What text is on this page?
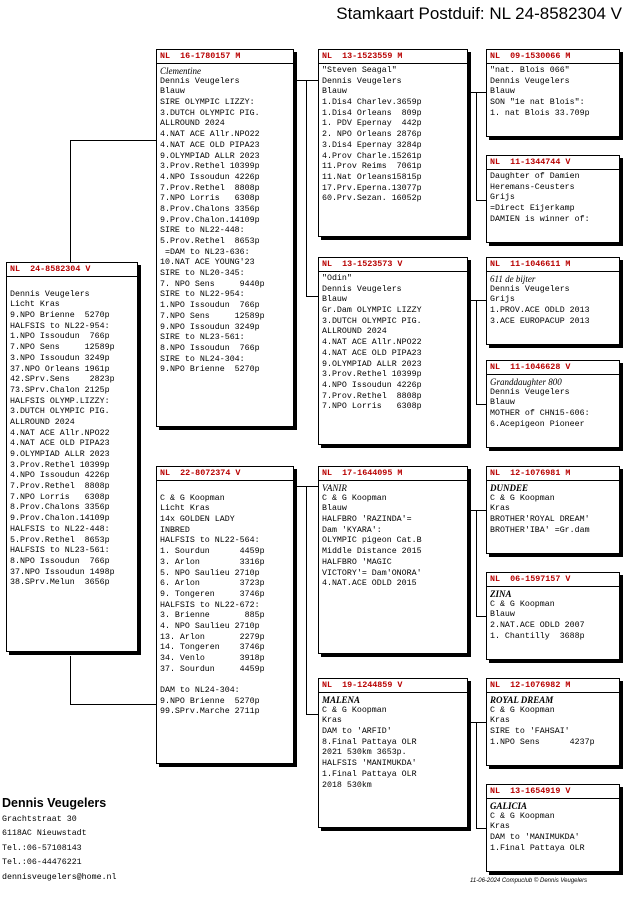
Stamkaart Postduif: NL 24-8582304 V
NL  24-8582304 V
Dennis Veugelers
Licht Kras
9.NPO Brienne  5270p
HALFSIS to NL22-954:
1.NPO Issoudun  766p
7.NPO Sens     12589p
3.NPO Issoudun 3249p
37.NPO Orleans 1961p
42.SPrv.Sens    2823p
73.SPrv.Chalon 2125p
HALFSIS OLYMP.LIZZY:
3.DUTCH OLYMPIC PIG.
ALLROUND 2024
4.NAT ACE Allr.NPO22
4.NAT ACE OLD PIPA23
9.OLYMPIAD ALLR 2023
3.Prov.Rethel 10399p
4.NPO Issoudun 4226p
7.Prov.Rethel  8808p
7.NPO Lorris   6308p
8.Prov.Chalons 3356p
9.Prov.Chalon.14109p
HALFSIS to NL22-448:
5.Prov.Rethel  8653p
HALFSIS to NL23-561:
8.NPO Issoudun  766p
37.NPO Issoudun 1498p
38.SPrv.Melun  3656p
NL  16-1780157 M
Clementine
Dennis Veugelers
Blauw
SIRE OLYMPIC LIZZY:
3.DUTCH OLYMPIC PIG.
ALLROUND 2024
4.NAT ACE Allr.NPO22
4.NAT ACE OLD PIPA23
9.OLYMPIAD ALLR 2023
3.Prov.Rethel 10399p
4.NPO Issoudun 4226p
7.Prov.Rethel  8808p
7.NPO Lorris   6308p
8.Prov.Chalons 3356p
9.Prov.Chalon.14109p
SIRE to NL22-448:
5.Prov.Rethel  8653p
=DAM to NL23-636:
10.NAT ACE YOUNG'23
SIRE to NL20-345:
7. NPO Sens     9440p
SIRE to NL22-954:
1.NPO Issoudun  766p
7.NPO Sens     12589p
9.NPO Issoudun 3249p
SIRE to NL23-561:
8.NPO Issoudun  766p
SIRE to NL24-304:
9.NPO Brienne  5270p
NL  22-8072374 V
C & G Koopman
Licht Kras
14x GOLDEN LADY
INBRED
HALFSIS to NL22-564:
1. Sourdun      4459p
3. Arlon        3316p
5. NPO Saulieu 2710p
6. Arlon        3723p
9. Tongeren     3746p
HALFSIS to NL22-672:
3. Brienne       885p
4. NPO Saulieu 2710p
13. Arlon       2279p
14. Tongeren    3746p
34. Venlo       3918p
37. Sourdun     4459p
DAM to NL24-304:
9.NPO Brienne  5270p
99.SPrv.Marche 2711p
NL  13-1523559 M
"Steven Seagal"
Dennis Veugelers
Blauw
1.Dis4 Charlev.3659p
1.Dis4 Orleans  809p
1. PDV Epernay  442p
2. NPO Orleans 2876p
3.Dis4 Epernay 3284p
4.Prov Charle.15261p
11.Prov Reims  7061p
11.Nat Orleans15815p
17.Prv.Eperna.13077p
60.Prv.Sezan. 16052p
NL  13-1523573 V
"Odin"
Dennis Veugelers
Blauw
Gr.Dam OLYMPIC LIZZY
3.DUTCH OLYMPIC PIG.
ALLROUND 2024
4.NAT ACE Allr.NPO22
4.NAT ACE OLD PIPA23
9.OLYMPIAD ALLR 2023
3.Prov.Rethel 10399p
4.NPO Issoudun 4226p
7.Prov.Rethel  8808p
7.NPO Lorris   6308p
NL  17-1644095 M
VANIR
C & G Koopman
Blauw
HALFBRO 'RAZINDA'=
Dam 'KYARA':
OLYMPIC pigeon Cat.B
Middle Distance 2015
HALFBRO 'MAGIC
VICTORY'= Dam'ONORA'
4.NAT.ACE ODLD 2015
NL  19-1244859 V
MALENA
C & G Koopman
Kras
DAM to 'ARFID'
8.Final Pattaya OLR
2021 530km 3653p.
HALFSIS 'MANIMUKDA'
1.Final Pattaya OLR
2018 530km
NL  09-1530066 M
"nat. Blois 066"
Dennis Veugelers
Blauw
SON "1e nat Blois":
1. nat Blois 33.709p
NL  11-1344744 V
Daughter of Damien
Heremans-Ceusters
Grijs
=Direct Eijerkamp
DAMIEN is winner of:
NL  11-1046611 M
611 de bijter
Dennis Veugelers
Grijs
1.PROV.ACE ODLD 2013
3.ACE EUROPACUP 2013
NL  11-1046628 V
Granddaughter 800
Dennis Veugelers
Blauw
MOTHER of CHN15-606:
6.Acepigeon Pioneer
NL  12-1076981 M
DUNDEE
C & G Koopman
Kras
BROTHER'ROYAL DREAM'
BROTHER'IBA' =Gr.dam
NL  06-1597157 V
ZINA
C & G Koopman
Blauw
2.NAT.ACE ODLD 2007
1. Chantilly  3688p
NL  12-1076982 M
ROYAL DREAM
C & G Koopman
Kras
SIRE to 'FAHSAI'
1.NPO Sens      4237p
NL  13-1654919 V
GALICIA
C & G Koopman
Kras
DAM to 'MANIMUKDA'
1.Final Pattaya OLR
Dennis Veugelers
Grachtstraat 30
6118AC Nieuwstadt
Tel.:06-57108143
Tel.:06-44476221
dennisveugelers@home.nl	11-06-2024 Compuclub © Dennis Veugelers
